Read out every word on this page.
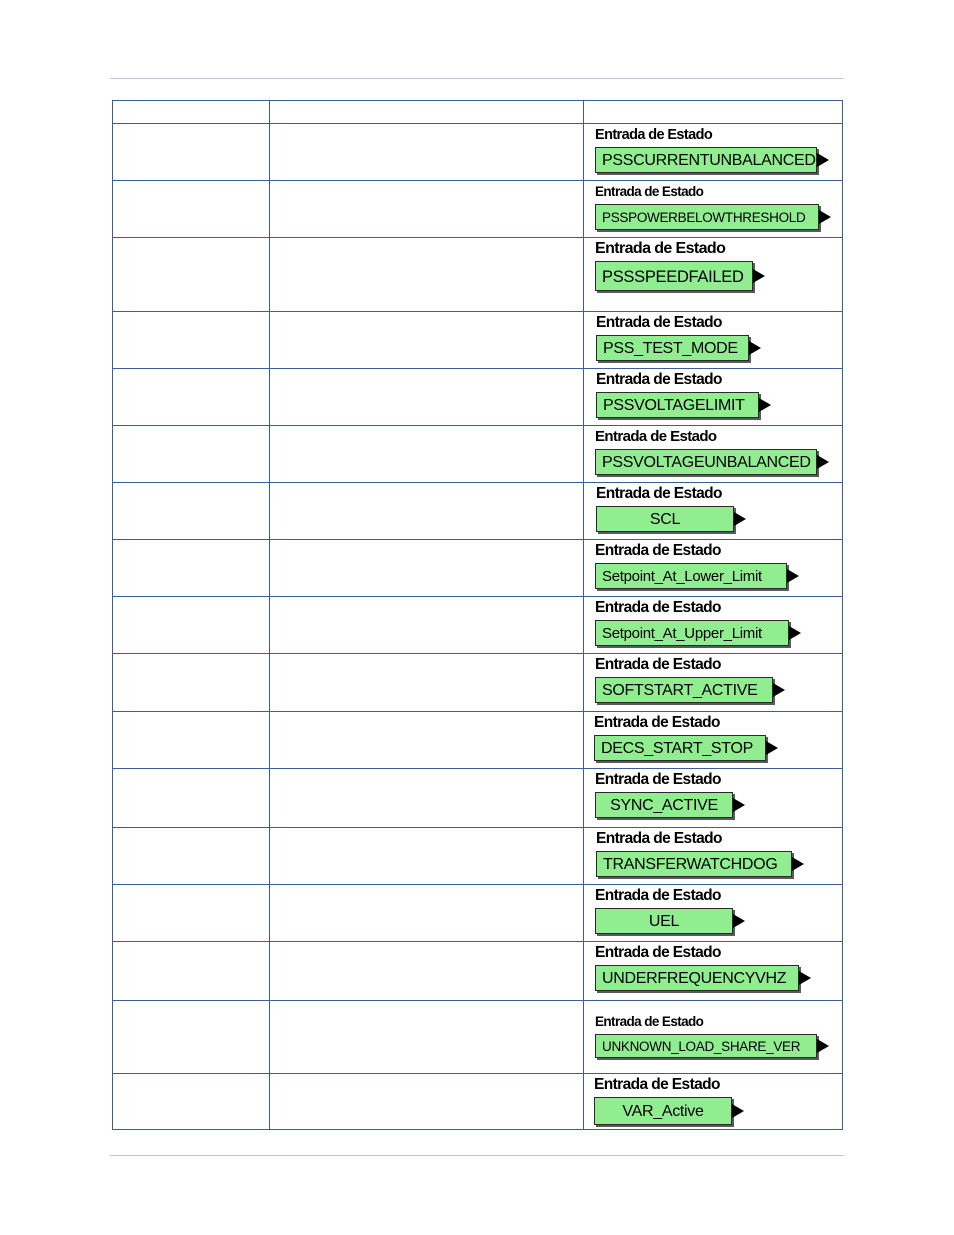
		Entrada de Estado
PSSCURRENTUNBALANCED

		Entrada de Estado
PSSPOWERBELOWTHRESHOLD

		Entrada de Estado
PSSSPEEDFAILED

		Entrada de Estado
PSS_TEST_MODE

		Entrada de Estado
PSSVOLTAGELIMIT

		Entrada de Estado
PSSVOLTAGEUNBALANCED

		Entrada de Estado
SCL

		Entrada de Estado
Setpoint_At_Lower_Limit

		Entrada de Estado
Setpoint_At_Upper_Limit

		Entrada de Estado
SOFTSTART_ACTIVE

		Entrada de Estado
DECS_START_STOP

		Entrada de Estado
SYNC_ACTIVE

		Entrada de Estado
TRANSFERWATCHDOG

		Entrada de Estado
UEL

		Entrada de Estado
UNDERFREQUENCYVHZ

		Entrada de Estado
UNKNOWN_LOAD_SHARE_VER

		Entrada de Estado
VAR_Active
